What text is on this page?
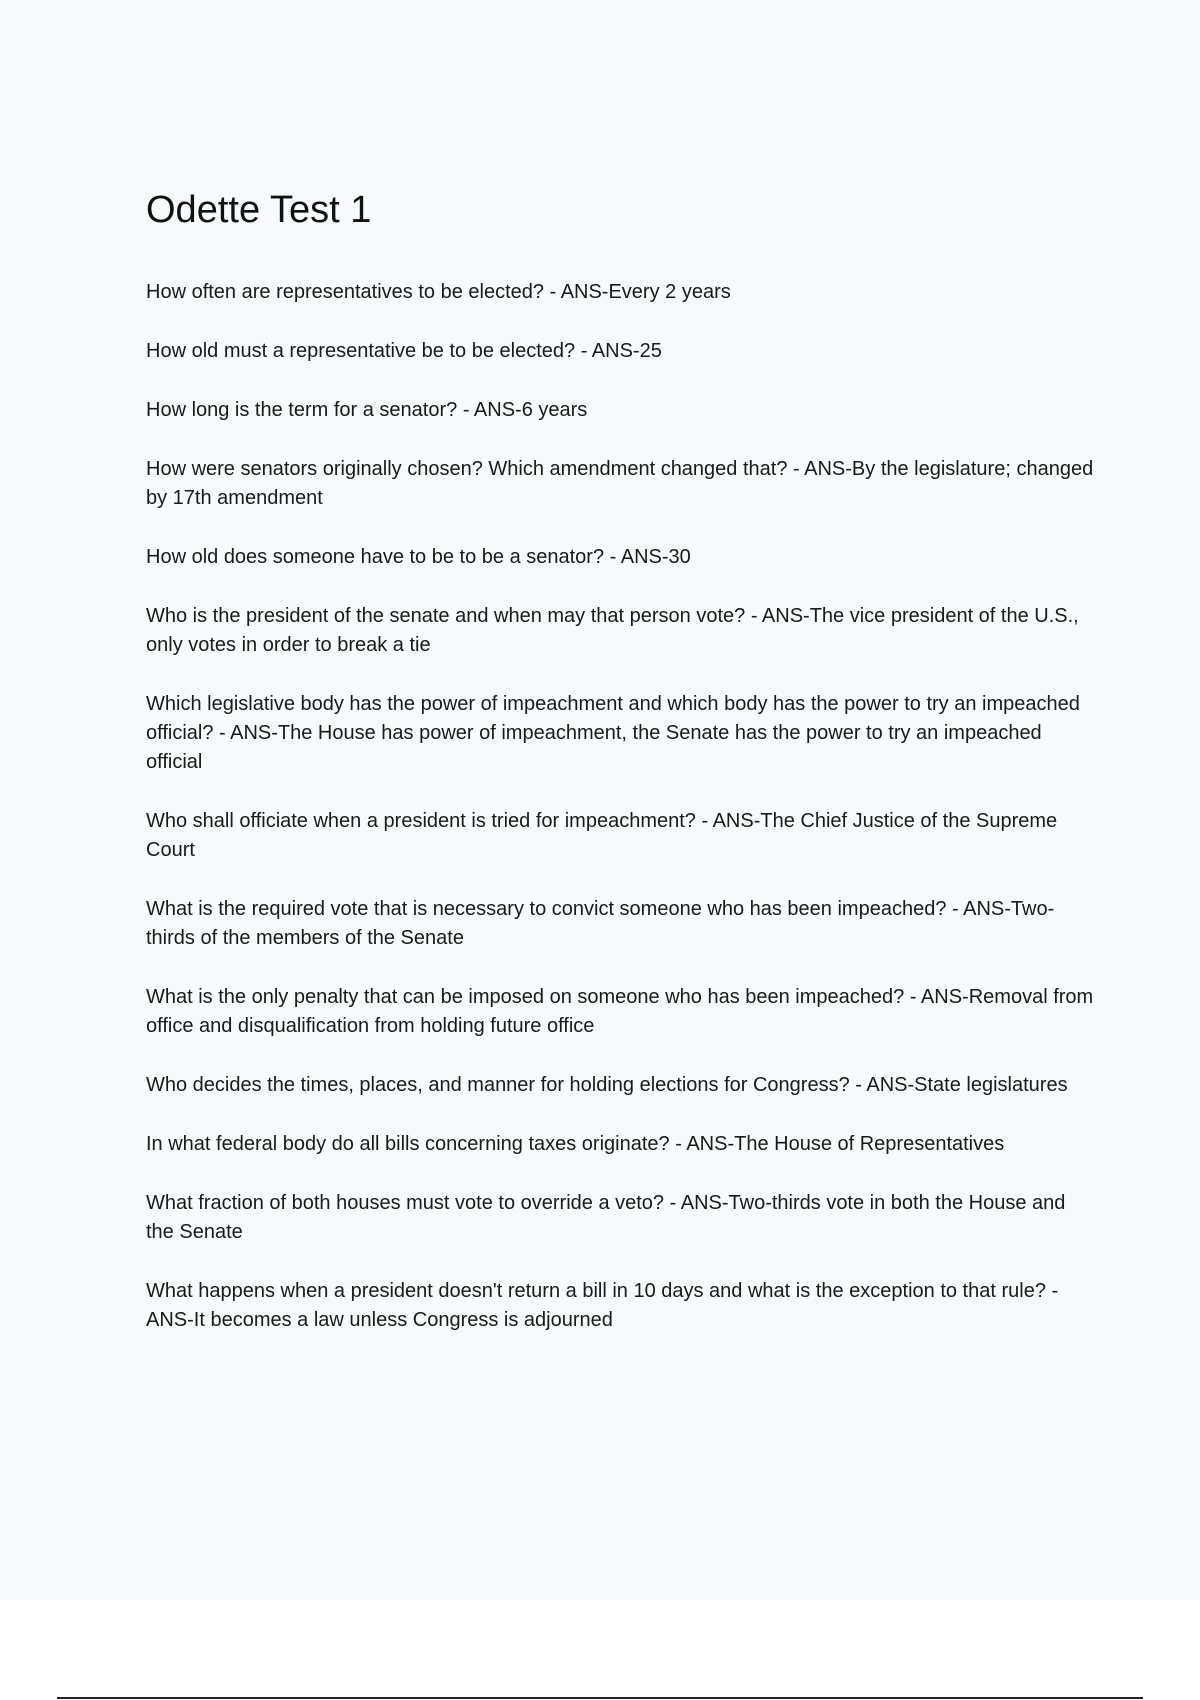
Odette Test 1
How often are representatives to be elected? - ANS-Every 2 years
How old must a representative be to be elected? - ANS-25
How long is the term for a senator? - ANS-6 years
How were senators originally chosen? Which amendment changed that? - ANS-By the legislature; changed by 17th amendment
How old does someone have to be to be a senator? - ANS-30
Who is the president of the senate and when may that person vote? - ANS-The vice president of the U.S., only votes in order to break a tie
Which legislative body has the power of impeachment and which body has the power to try an impeached official? - ANS-The House has power of impeachment, the Senate has the power to try an impeached official
Who shall officiate when a president is tried for impeachment? - ANS-The Chief Justice of the Supreme Court
What is the required vote that is necessary to convict someone who has been impeached? - ANS-Two-thirds of the members of the Senate
What is the only penalty that can be imposed on someone who has been impeached? - ANS-Removal from office and disqualification from holding future office
Who decides the times, places, and manner for holding elections for Congress? - ANS-State legislatures
In what federal body do all bills concerning taxes originate? - ANS-The House of Representatives
What fraction of both houses must vote to override a veto? - ANS-Two-thirds vote in both the House and the Senate
What happens when a president doesn't return a bill in 10 days and what is the exception to that rule? - ANS-It becomes a law unless Congress is adjourned
